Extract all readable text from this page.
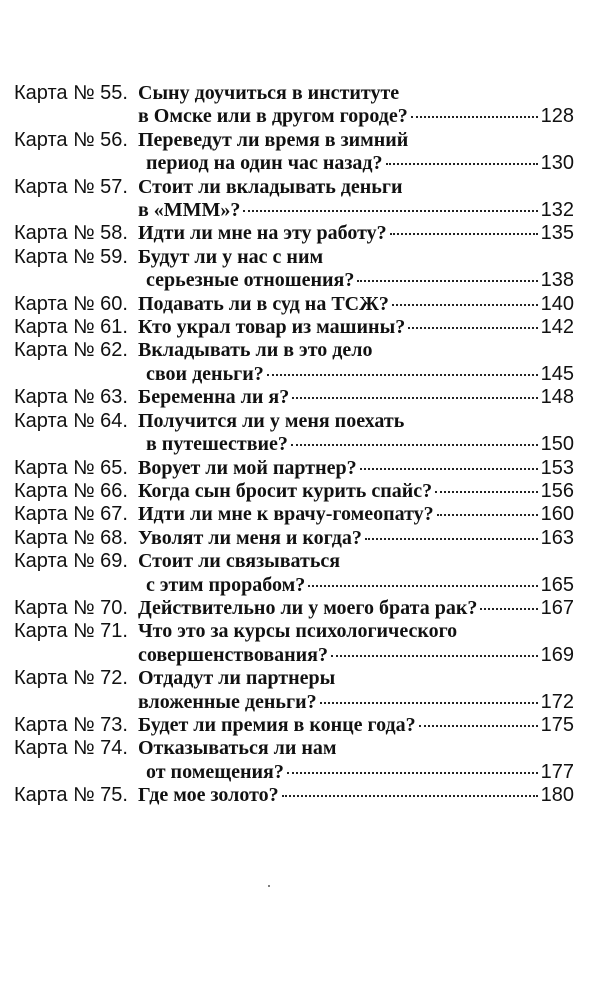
Карта № 55. Сыну доучиться в институте
в Омске или в другом городе?	128
Карта № 56. Переведут ли время в зимний
период на один час назад?	130
Карта № 57. Стоит ли вкладывать деньги
в «МММ»?	132
Карта № 58. Идти ли мне на эту работу?	135
Карта № 59. Будут ли у нас с ним
серьезные отношения?	138
Карта № 60. Подавать ли в суд на ТСЖ?	140
Карта № 61. Кто украл товар из машины?	142
Карта № 62. Вкладывать ли в это дело
свои деньги?	145
Карта № 63. Беременна ли я?	148
Карта № 64. Получится ли у меня поехать
в путешествие?	150
Карта № 65. Ворует ли мой партнер?	153
Карта № 66. Когда сын бросит курить спайс?	156
Карта № 67. Идти ли мне к врачу-гомеопату?	160
Карта № 68. Уволят ли меня и когда?	163
Карта № 69. Стоит ли связываться
с этим прорабом?	165
Карта № 70. Действительно ли у моего брата рак?	167
Карта № 71. Что это за курсы психологического
совершенствования?	169
Карта № 72. Отдадут ли партнеры
вложенные деньги?	172
Карта № 73. Будет ли премия в конце года?	175
Карта № 74. Отказываться ли нам
от помещения?	177
Карта № 75. Где мое золото?	180
